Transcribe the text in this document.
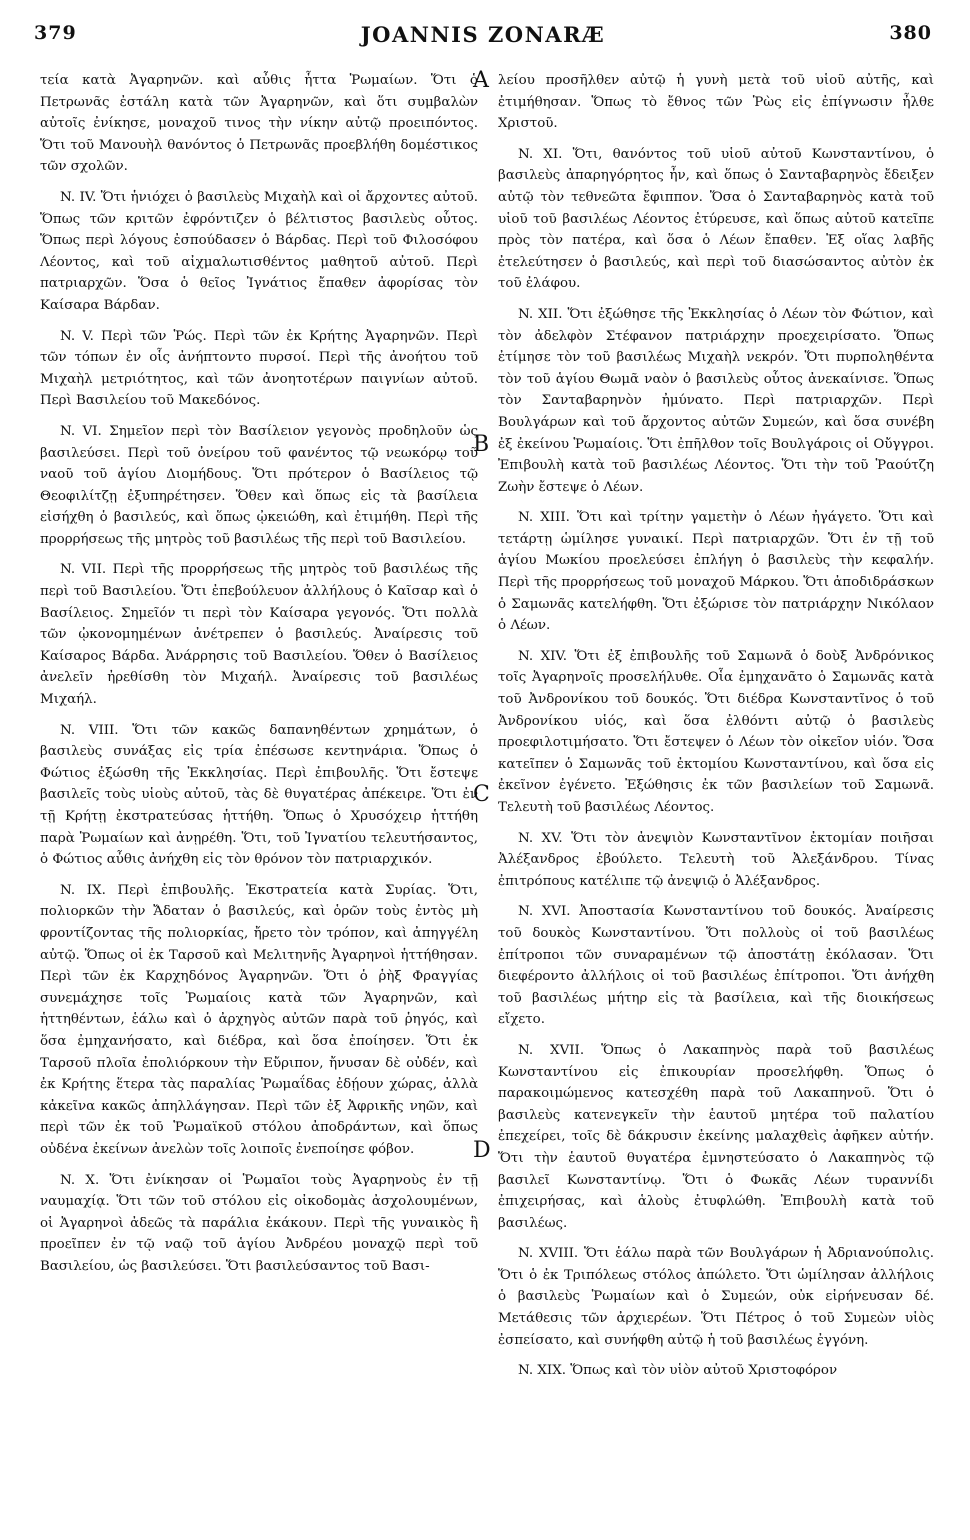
379	JOANNIS ZONARÆ	380

τεία κατὰ Ἀγαρηνῶν. καὶ αὖθις ἧττα Ῥωμαίων. Ὅτι ὁ Πετρωνᾶς ἐστάλη κατὰ τῶν Ἀγαρηνῶν, καὶ ὅτι συμβαλὼν αὐτοῖς ἐνίκησε, μοναχοῦ τινος τὴν νίκην αὐτῷ προειπόντος. Ὅτι τοῦ Μανουὴλ θανόντος ὁ Πετρωνᾶς προεβλήθη δομέστικος τῶν σχολῶν.

N. IV. Ὅτι ἡνιόχει ὁ βασιλεὺς Μιχαὴλ καὶ οἱ ἄρχοντες αὐτοῦ. Ὅπως τῶν κριτῶν ἐφρόντιζεν ὁ βέλτιστος βασιλεὺς οὗτος. Ὅπως περὶ λόγους ἐσπούδασεν ὁ Βάρδας. Περὶ τοῦ Φιλοσόφου Λέοντος, καὶ τοῦ αἰχμαλωτισθέντος μαθητοῦ αὐτοῦ. Περὶ πατριαρχῶν. Ὅσα ὁ θεῖος Ἰγνάτιος ἔπαθεν ἀφορίσας τὸν Καίσαρα Βάρδαν.

N. V. Περὶ τῶν Ῥώς. Περὶ τῶν ἐκ Κρήτης Ἀγαρηνῶν. Περὶ τῶν τόπων ἐν οἷς ἀνήπτοντο πυρσοί. Περὶ τῆς ἀνοήτου τοῦ Μιχαὴλ μετριότητος, καὶ τῶν ἀνοητοτέρων παιγνίων αὐτοῦ. Περὶ Βασιλείου τοῦ Μακεδόνος.

N. VI. Σημεῖον περὶ τὸν Βασίλειον γεγονὸς προδηλοῦν ὡς βασιλεύσει. Περὶ τοῦ ὀνείρου τοῦ φανέντος τῷ νεωκόρῳ τοῦ ναοῦ τοῦ ἁγίου Διομήδους. Ὅτι πρότερον ὁ Βασίλειος τῷ Θεοφιλίτζῃ ἐξυπηρέτησεν. Ὅθεν καὶ ὅπως εἰς τὰ βασίλεια εἰσήχθη ὁ βασιλεύς, καὶ ὅπως ᾠκειώθη, καὶ ἐτιμήθη. Περὶ τῆς προρρήσεως τῆς μητρὸς τοῦ βασιλέως τῆς περὶ τοῦ Βασιλείου.

N. VII. Περὶ τῆς προρρήσεως τῆς μητρὸς τοῦ βασιλέως τῆς περὶ τοῦ Βασιλείου. Ὅτι ἐπεβούλευον ἀλλήλους ὁ Καῖσαρ καὶ ὁ Βασίλειος. Σημεῖόν τι περὶ τὸν Καίσαρα γεγονός. Ὅτι πολλὰ τῶν ᾠκονομημένων ἀνέτρεπεν ὁ βασιλεύς. Ἀναίρεσις τοῦ Καίσαρος Βάρδα. Ἀνάρρησις τοῦ Βασιλείου. Ὅθεν ὁ Βασίλειος ἀνελεῖν ἠρεθίσθη τὸν Μιχαήλ. Ἀναίρεσις τοῦ βασιλέως Μιχαήλ.

N. VIII. Ὅτι τῶν κακῶς δαπανηθέντων χρημάτων, ὁ βασιλεὺς συνάξας εἰς τρία ἐπέσωσε κεντηνάρια. Ὅπως ὁ Φώτιος ἐξώσθη τῆς Ἐκκλησίας. Περὶ ἐπιβουλῆς. Ὅτι ἔστεψε βασιλεῖς τοὺς υἱοὺς αὐτοῦ, τὰς δὲ θυγατέρας ἀπέκειρε. Ὅτι ἐν τῇ Κρήτῃ ἐκστρατεύσας ἡττήθη. Ὅπως ὁ Χρυσόχειρ ἡττήθη παρὰ Ῥωμαίων καὶ ἀνῃρέθη. Ὅτι, τοῦ Ἰγνατίου τελευτήσαντος, ὁ Φώτιος αὖθις ἀνήχθη εἰς τὸν θρόνον τὸν πατριαρχικόν.

N. IX. Περὶ ἐπιβουλῆς. Ἐκστρατεία κατὰ Συρίας. Ὅτι, πολιορκῶν τὴν Ἄδαταν ὁ βασιλεύς, καὶ ὁρῶν τοὺς ἐντὸς μὴ φροντίζοντας τῆς πολιορκίας, ἤρετο τὸν τρόπον, καὶ ἀπηγγέλη αὐτῷ. Ὅπως οἱ ἐκ Ταρσοῦ καὶ Μελιτηνῆς Ἀγαρηνοὶ ἡττήθησαν. Περὶ τῶν ἐκ Καρχηδόνος Ἀγαρηνῶν. Ὅτι ὁ ῥὴξ Φραγγίας συνεμάχησε τοῖς Ῥωμαίοις κατὰ τῶν Ἀγαρηνῶν, καὶ ἡττηθέντων, ἑάλω καὶ ὁ ἀρχηγὸς αὐτῶν παρὰ τοῦ ῥηγός, καὶ ὅσα ἐμηχανήσατο, καὶ διέδρα, καὶ ὅσα ἐποίησεν. Ὅτι ἐκ Ταρσοῦ πλοῖα ἐπολιόρκουν τὴν Εὔριπον, ἤνυσαν δὲ οὐδέν, καὶ ἐκ Κρήτης ἕτερα τὰς παραλίας Ῥωμαΐδας ἐδῄουν χώρας, ἀλλὰ κἀκεῖνα κακῶς ἀπηλλάγησαν. Περὶ τῶν ἐξ Ἀφρικῆς νηῶν, καὶ περὶ τῶν ἐκ τοῦ Ῥωμαϊκοῦ στόλου ἀποδράντων, καὶ ὅπως οὐδένα ἐκείνων ἀνελὼν τοῖς λοιποῖς ἐνεποίησε φόβον.

N. X. Ὅτι ἐνίκησαν οἱ Ῥωμαῖοι τοὺς Ἀγαρηνοὺς ἐν τῇ ναυμαχίᾳ. Ὅτι τῶν τοῦ στόλου εἰς οἰκοδομὰς ἀσχολουμένων, οἱ Ἀγαρηνοὶ ἀδεῶς τὰ παράλια ἐκάκουν. Περὶ τῆς γυναικὸς ἣ προεῖπεν ἐν τῷ ναῷ τοῦ ἁγίου Ἀνδρέου μοναχῷ περὶ τοῦ Βασιλείου, ὡς βασιλεύσει. Ὅτι βασιλεύσαντος τοῦ Βασι-

λείου προσῆλθεν αὐτῷ ἡ γυνὴ μετὰ τοῦ υἱοῦ αὐτῆς, καὶ ἐτιμήθησαν. Ὅπως τὸ ἔθνος τῶν Ῥὼς εἰς ἐπίγνωσιν ἦλθε Χριστοῦ.

N. XI. Ὅτι, θανόντος τοῦ υἱοῦ αὐτοῦ Κωνσταντίνου, ὁ βασιλεὺς ἀπαρηγόρητος ἦν, καὶ ὅπως ὁ Σανταβαρηνὸς ἔδειξεν αὐτῷ τὸν τεθνεῶτα ἔφιππον. Ὅσα ὁ Σανταβαρηνὸς κατὰ τοῦ υἱοῦ τοῦ βασιλέως Λέοντος ἐτύρευσε, καὶ ὅπως αὐτοῦ κατεῖπε πρὸς τὸν πατέρα, καὶ ὅσα ὁ Λέων ἔπαθεν. Ἐξ οἵας λαβῆς ἐτελεύτησεν ὁ βασιλεύς, καὶ περὶ τοῦ διασώσαντος αὐτὸν ἐκ τοῦ ἐλάφου.

N. XII. Ὅτι ἐξώθησε τῆς Ἐκκλησίας ὁ Λέων τὸν Φώτιον, καὶ τὸν ἀδελφὸν Στέφανον πατριάρχην προεχειρίσατο. Ὅπως ἐτίμησε τὸν τοῦ βασιλέως Μιχαὴλ νεκρόν. Ὅτι πυρποληθέντα τὸν τοῦ ἁγίου Θωμᾶ ναὸν ὁ βασιλεὺς οὗτος ἀνεκαίνισε. Ὅπως τὸν Σανταβαρηνὸν ἠμύνατο. Περὶ πατριαρχῶν. Περὶ Βουλγάρων καὶ τοῦ ἄρχοντος αὐτῶν Συμεών, καὶ ὅσα συνέβη ἐξ ἐκείνου Ῥωμαίοις. Ὅτι ἐπῆλθον τοῖς Βουλγάροις οἱ Οὔγγροι. Ἐπιβουλὴ κατὰ τοῦ βασιλέως Λέοντος. Ὅτι τὴν τοῦ Ῥαούτζη Ζωὴν ἔστεψε ὁ Λέων.

N. XIII. Ὅτι καὶ τρίτην γαμετὴν ὁ Λέων ἠγάγετο. Ὅτι καὶ τετάρτῃ ὡμίλησε γυναικί. Περὶ πατριαρχῶν. Ὅτι ἐν τῇ τοῦ ἁγίου Μωκίου προελεύσει ἐπλήγη ὁ βασιλεὺς τὴν κεφαλήν. Περὶ τῆς προρρήσεως τοῦ μοναχοῦ Μάρκου. Ὅτι ἀποδιδράσκων ὁ Σαμωνᾶς κατελήφθη. Ὅτι ἐξώρισε τὸν πατριάρχην Νικόλαον ὁ Λέων.

N. XIV. Ὅτι ἐξ ἐπιβουλῆς τοῦ Σαμωνᾶ ὁ δοὺξ Ἀνδρόνικος τοῖς Ἀγαρηνοῖς προσελήλυθε. Οἷα ἐμηχανᾶτο ὁ Σαμωνᾶς κατὰ τοῦ Ἀνδρονίκου τοῦ δουκός. Ὅτι διέδρα Κωνσταντῖνος ὁ τοῦ Ἀνδρονίκου υἱός, καὶ ὅσα ἐλθόντι αὐτῷ ὁ βασιλεὺς προεφιλοτιμήσατο. Ὅτι ἔστεψεν ὁ Λέων τὸν οἰκεῖον υἱόν. Ὅσα κατεῖπεν ὁ Σαμωνᾶς τοῦ ἐκτομίου Κωνσταντίνου, καὶ ὅσα εἰς ἐκεῖνον ἐγένετο. Ἐξώθησις ἐκ τῶν βασιλείων τοῦ Σαμωνᾶ. Τελευτὴ τοῦ βασιλέως Λέοντος.

N. XV. Ὅτι τὸν ἀνεψιὸν Κωνσταντῖνον ἐκτομίαν ποιῆσαι Ἀλέξανδρος ἐβούλετο. Τελευτὴ τοῦ Ἀλεξάνδρου. Τίνας ἐπιτρόπους κατέλιπε τῷ ἀνεψιῷ ὁ Ἀλέξανδρος.

N. XVI. Ἀποστασία Κωνσταντίνου τοῦ δουκός. Ἀναίρεσις τοῦ δουκὸς Κωνσταντίνου. Ὅτι πολλοὺς οἱ τοῦ βασιλέως ἐπίτροποι τῶν συναραμένων τῷ ἀποστάτῃ ἐκόλασαν. Ὅτι διεφέροντο ἀλλήλοις οἱ τοῦ βασιλέως ἐπίτροποι. Ὅτι ἀνήχθη τοῦ βασιλέως μήτηρ εἰς τὰ βασίλεια, καὶ τῆς διοικήσεως εἴχετο.

N. XVII. Ὅπως ὁ Λακαπηνὸς παρὰ τοῦ βασιλέως Κωνσταντίνου εἰς ἐπικουρίαν προσελήφθη. Ὅπως ὁ παρακοιμώμενος κατεσχέθη παρὰ τοῦ Λακαπηνοῦ. Ὅτι ὁ βασιλεὺς κατενεγκεῖν τὴν ἑαυτοῦ μητέρα τοῦ παλατίου ἐπεχείρει, τοῖς δὲ δάκρυσιν ἐκείνης μαλαχθεὶς ἀφῆκεν αὐτήν. Ὅτι τὴν ἑαυτοῦ θυγατέρα ἐμνηστεύσατο ὁ Λακαπηνὸς τῷ βασιλεῖ Κωνσταντίνῳ. Ὅτι ὁ Φωκᾶς Λέων τυραννίδι ἐπιχειρήσας, καὶ ἁλοὺς ἐτυφλώθη. Ἐπιβουλὴ κατὰ τοῦ βασιλέως.

N. XVIII. Ὅτι ἑάλω παρὰ τῶν Βουλγάρων ἡ Ἀδριανούπολις. Ὅτι ὁ ἐκ Τριπόλεως στόλος ἀπώλετο. Ὅτι ὡμίλησαν ἀλλήλοις ὁ βασιλεὺς Ῥωμαίων καὶ ὁ Συμεών, οὐκ εἰρήνευσαν δέ. Μετάθεσις τῶν ἀρχιερέων. Ὅτι Πέτρος ὁ τοῦ Συμεὼν υἱὸς ἐσπείσατο, καὶ συνήφθη αὐτῷ ἡ τοῦ βασιλέως ἐγγόνη.

N. XIX. Ὅπως καὶ τὸν υἱὸν αὐτοῦ Χριστοφόρον

A
B
C
D
